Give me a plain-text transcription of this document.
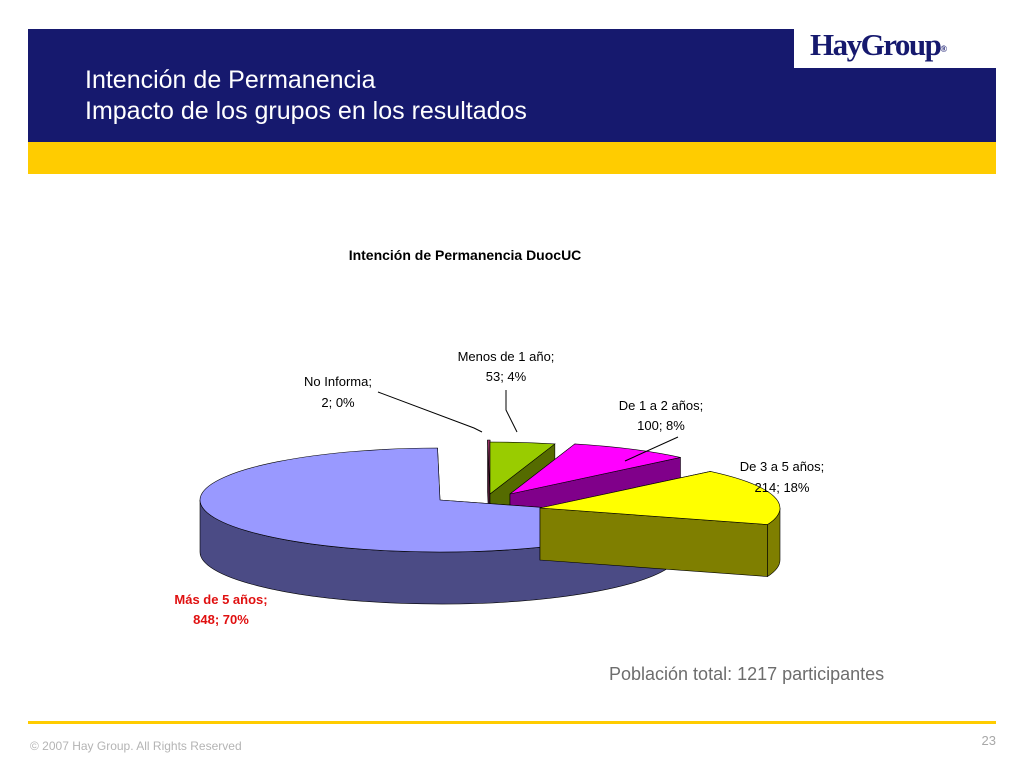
HayGroup®
Intención de Permanencia
Impacto de los grupos en los resultados
Intención de Permanencia DuocUC
Menos de 1 año;
53; 4%
De 1 a 2 años;
100; 8%
De 3 a 5 años;
214; 18%
Más de 5 años;
848; 70%
No Informa;
2; 0%
Población total: 1217 participantes
© 2007 Hay Group. All Rights Reserved	23
